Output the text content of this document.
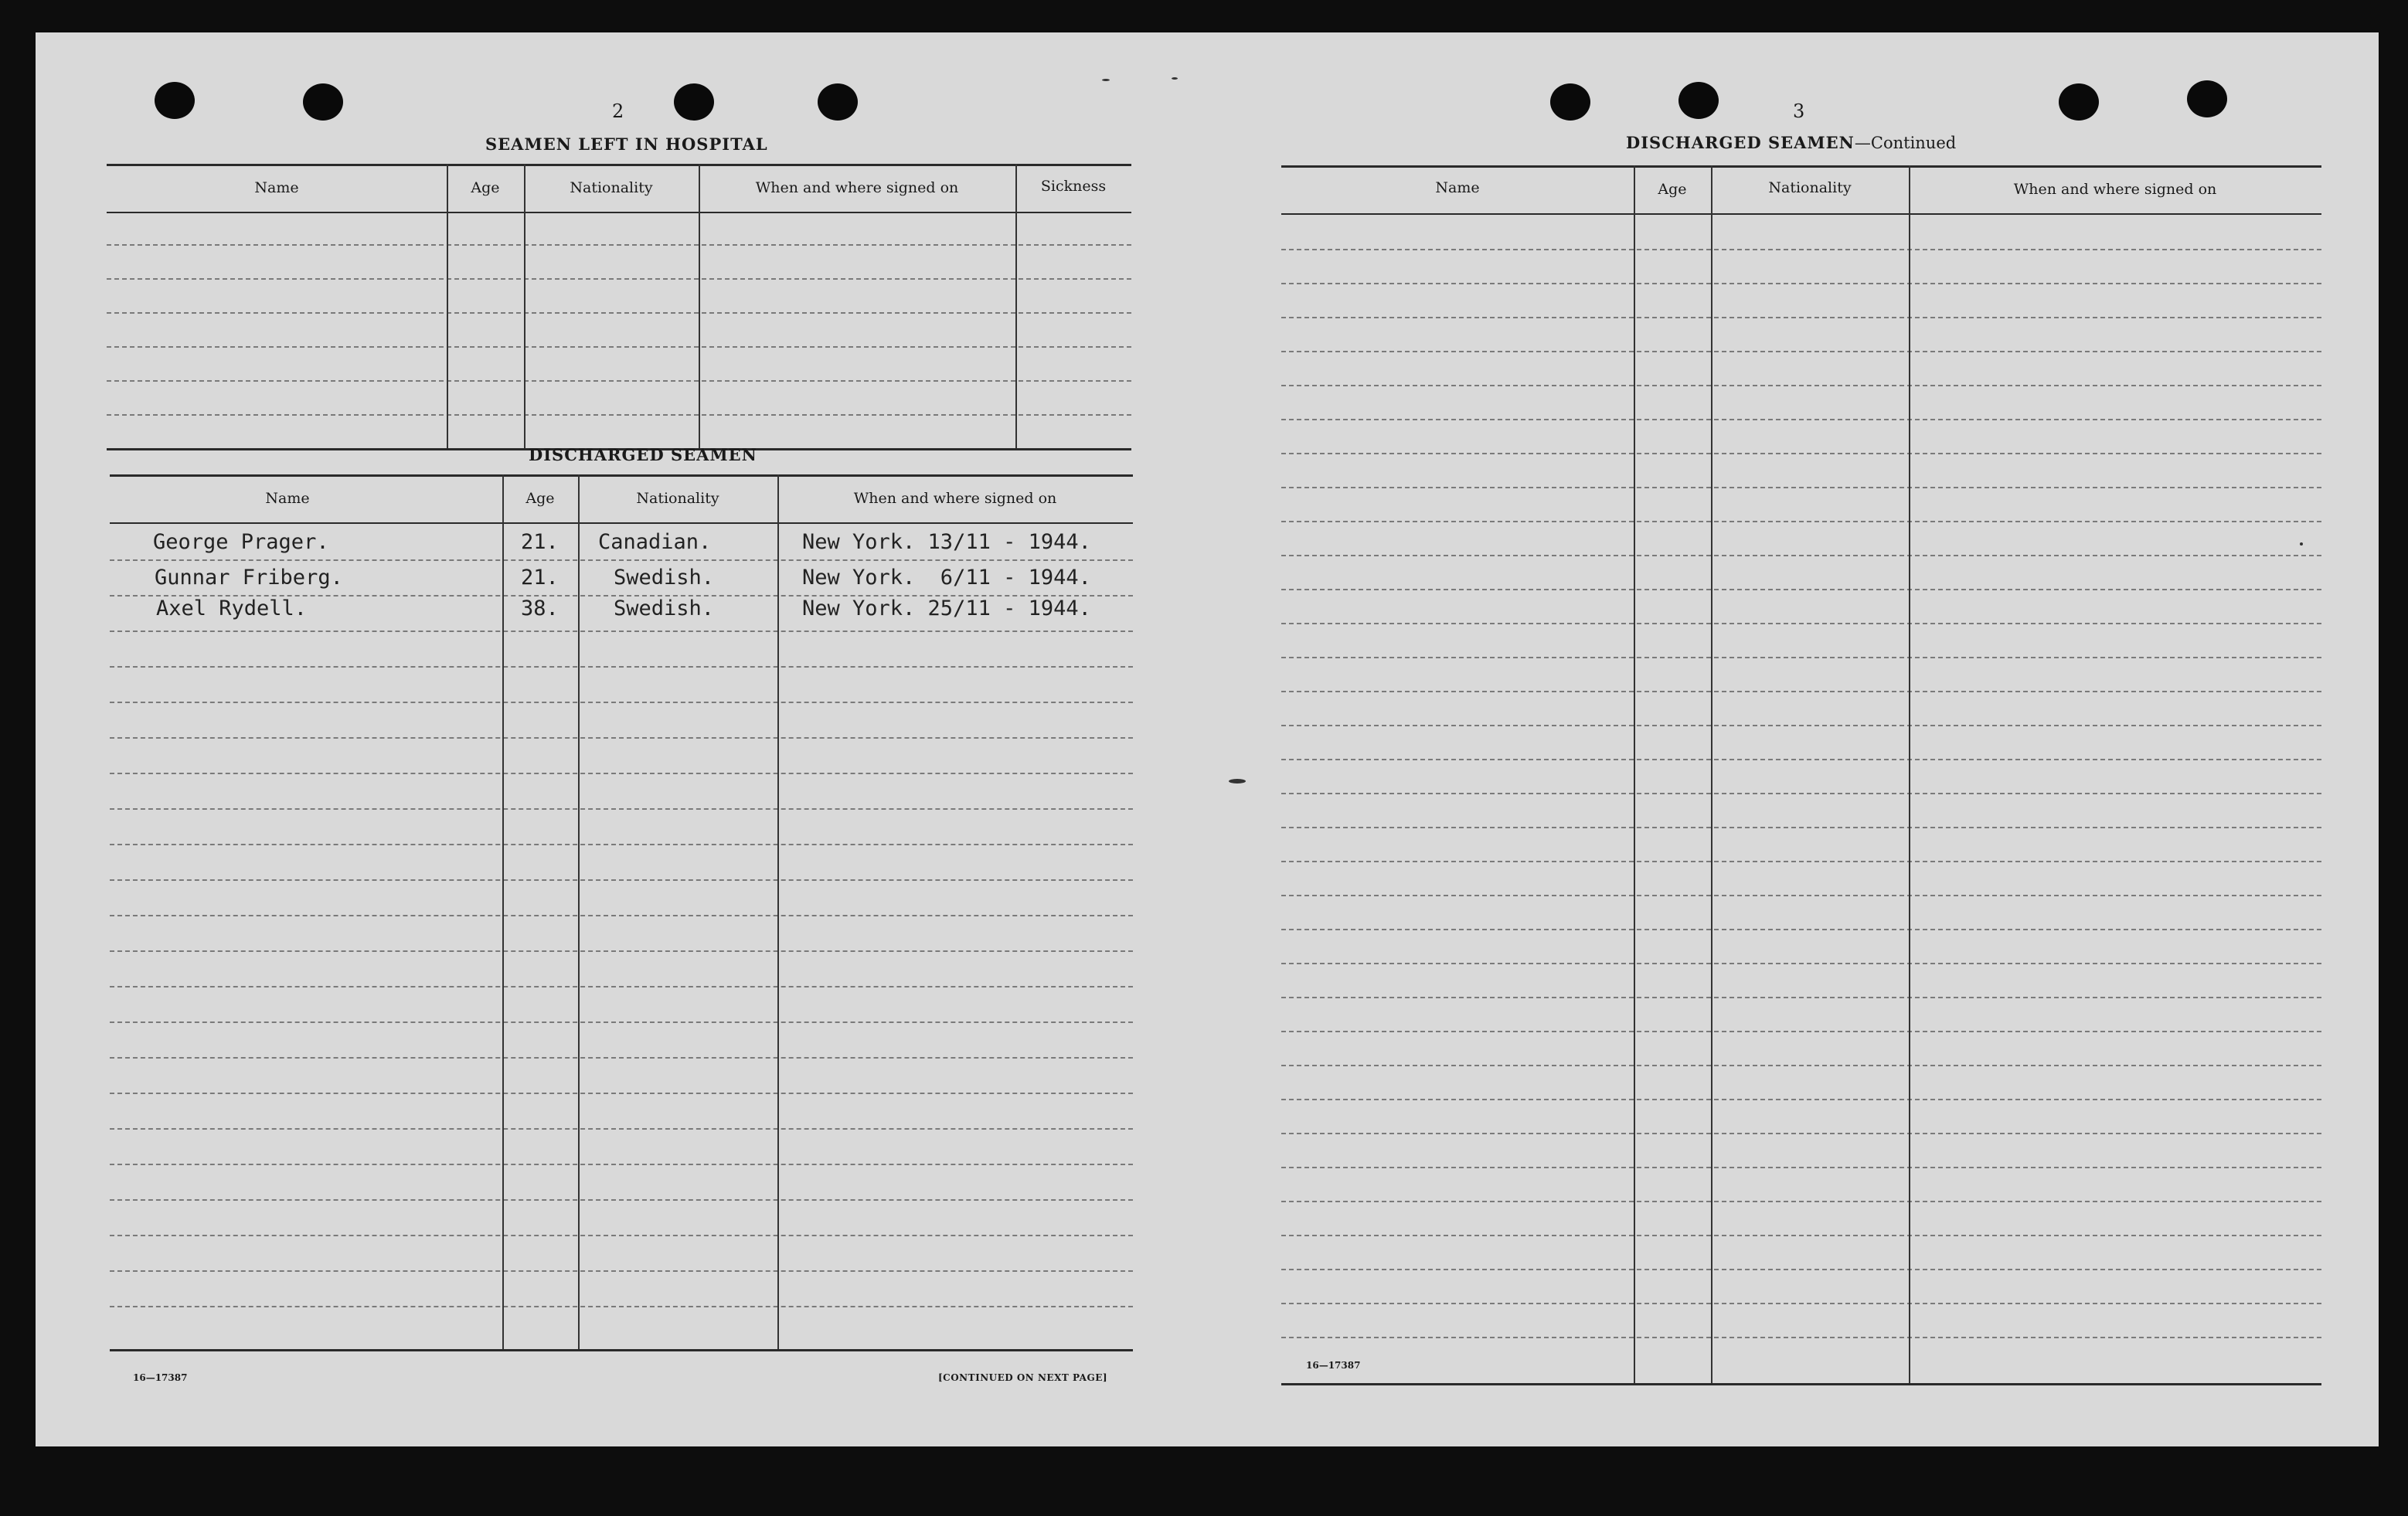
2
SEAMEN LEFT IN HOSPITAL
Name	Age	Nationality	When and where signed on	Sickness
DISCHARGED SEAMEN
Name	Age	Nationality	When and where signed on
George Prager.	21. Canadian.	New York. 13/11 - 1944.
Gunnar Friberg.	21.	Swedish.	New York.  6/11 - 1944.
Axel Rydell.	38.	Swedish.	New York. 25/11 - 1944.
16—17387	[CONTINUED ON NEXT PAGE]
3
DISCHARGED SEAMEN—Continued
Name	Age	Nationality	When and where signed on
16—17387
